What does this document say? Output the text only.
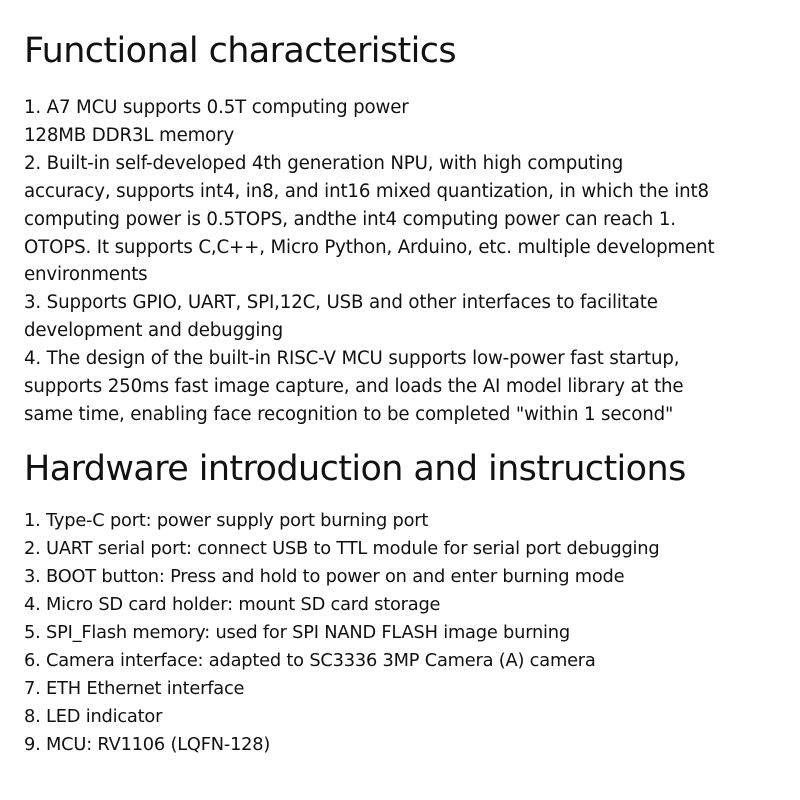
Functional characteristics
1. A7 MCU supports 0.5T computing power
128MB DDR3L memory
2. Built-in self-developed 4th generation NPU, with high computing
accuracy, supports int4, in8, and int16 mixed quantization, in which the int8
computing power is 0.5TOPS, andthe int4 computing power can reach 1.
OTOPS. It supports C,C++, Micro Python, Arduino, etc. multiple development
environments
3. Supports GPIO, UART, SPI,12C, USB and other interfaces to facilitate
development and debugging
4. The design of the built-in RISC-V MCU supports low-power fast startup,
supports 250ms fast image capture, and loads the AI model library at the
same time, enabling face recognition to be completed "within 1 second"
Hardware introduction and instructions
1. Type-C port: power supply port burning port
2. UART serial port: connect USB to TTL module for serial port debugging
3. BOOT button: Press and hold to power on and enter burning mode
4. Micro SD card holder: mount SD card storage
5. SPI_Flash memory: used for SPI NAND FLASH image burning
6. Camera interface: adapted to SC3336 3MP Camera (A) camera
7. ETH Ethernet interface
8. LED indicator
9. MCU: RV1106 (LQFN-128)
